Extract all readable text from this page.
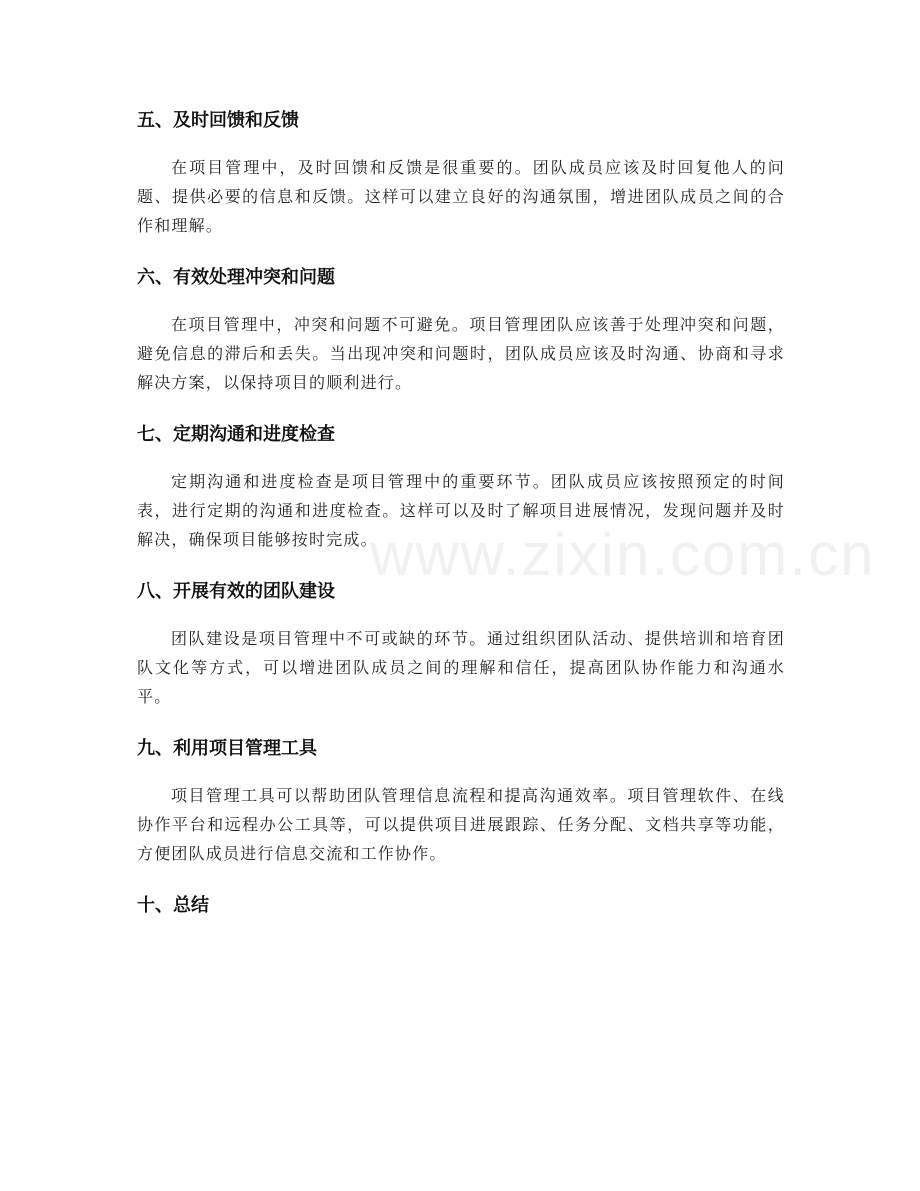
五、及时回馈和反馈

在项目管理中，及时回馈和反馈是很重要的。团队成员应该及时回复他人的问题、提供必要的信息和反馈。这样可以建立良好的沟通氛围，增进团队成员之间的合作和理解。

六、有效处理冲突和问题

在项目管理中，冲突和问题不可避免。项目管理团队应该善于处理冲突和问题，避免信息的滞后和丢失。当出现冲突和问题时，团队成员应该及时沟通、协商和寻求解决方案，以保持项目的顺利进行。

七、定期沟通和进度检查

定期沟通和进度检查是项目管理中的重要环节。团队成员应该按照预定的时间表，进行定期的沟通和进度检查。这样可以及时了解项目进展情况，发现问题并及时解决，确保项目能够按时完成。

八、开展有效的团队建设

团队建设是项目管理中不可或缺的环节。通过组织团队活动、提供培训和培育团队文化等方式，可以增进团队成员之间的理解和信任，提高团队协作能力和沟通水平。

九、利用项目管理工具

项目管理工具可以帮助团队管理信息流程和提高沟通效率。项目管理软件、在线协作平台和远程办公工具等，可以提供项目进展跟踪、任务分配、文档共享等功能，方便团队成员进行信息交流和工作协作。

十、总结
www.zixin.com.cn
